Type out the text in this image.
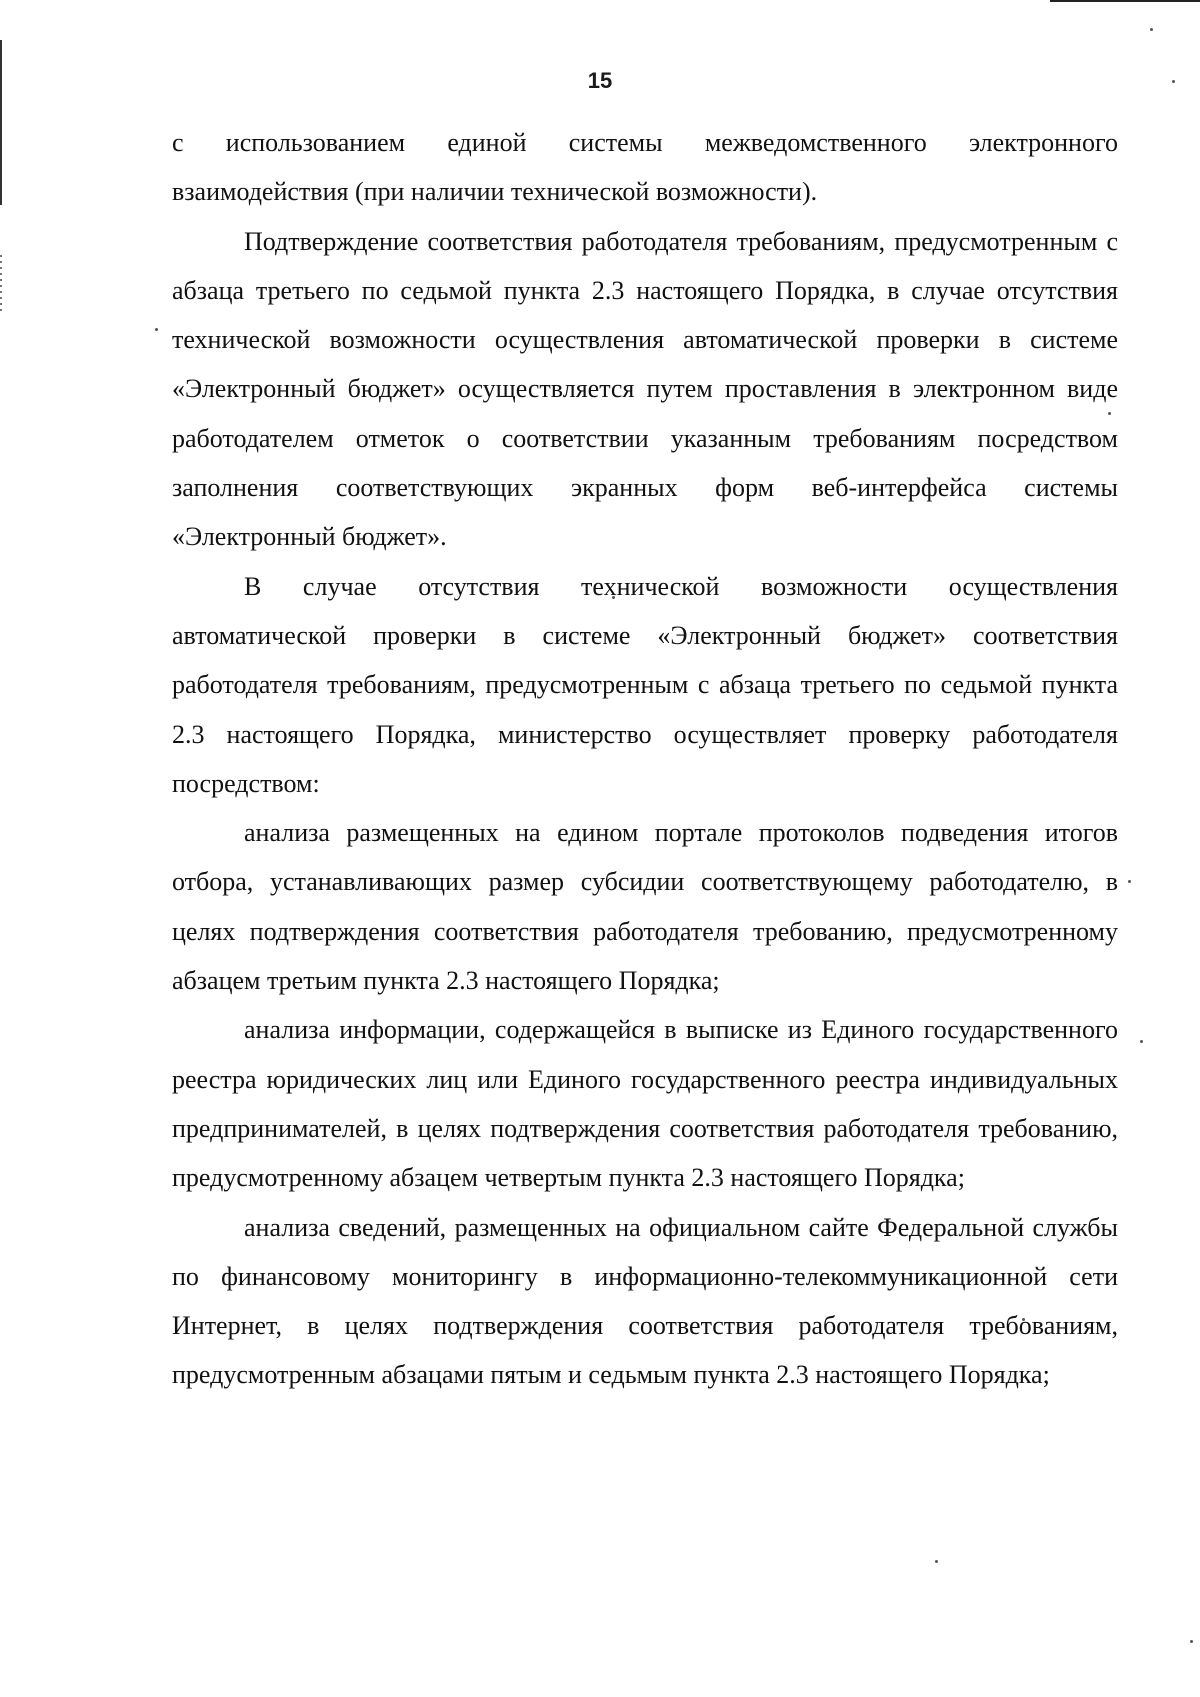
15

с использованием единой системы межведомственного электронного взаимодействия (при наличии технической возможности).

Подтверждение соответствия работодателя требованиям, предусмотренным с абзаца третьего по седьмой пункта 2.3 настоящего Порядка, в случае отсутствия технической возможности осуществления автоматической проверки в системе «Электронный бюджет» осуществляется путем проставления в электронном виде работодателем отметок о соответствии указанным требованиям посредством заполнения соответствующих экранных форм веб-интерфейса системы «Электронный бюджет».

В случае отсутствия технической возможности осуществления автоматической проверки в системе «Электронный бюджет» соответствия работодателя требованиям, предусмотренным с абзаца третьего по седьмой пункта 2.3 настоящего Порядка, министерство осуществляет проверку работодателя посредством:

анализа размещенных на едином портале протоколов подведения итогов отбора, устанавливающих размер субсидии соответствующему работодателю, в целях подтверждения соответствия работодателя требованию, предусмотренному абзацем третьим пункта 2.3 настоящего Порядка;

анализа информации, содержащейся в выписке из Единого государственного реестра юридических лиц или Единого государственного реестра индивидуальных предпринимателей, в целях подтверждения соответствия работодателя требованию, предусмотренному абзацем четвертым пункта 2.3 настоящего Порядка;

анализа сведений, размещенных на официальном сайте Федеральной службы по финансовому мониторингу в информационно-телекоммуникационной сети Интернет, в целях подтверждения соответствия работодателя требованиям, предусмотренным абзацами пятым и седьмым пункта 2.3 настоящего Порядка;
